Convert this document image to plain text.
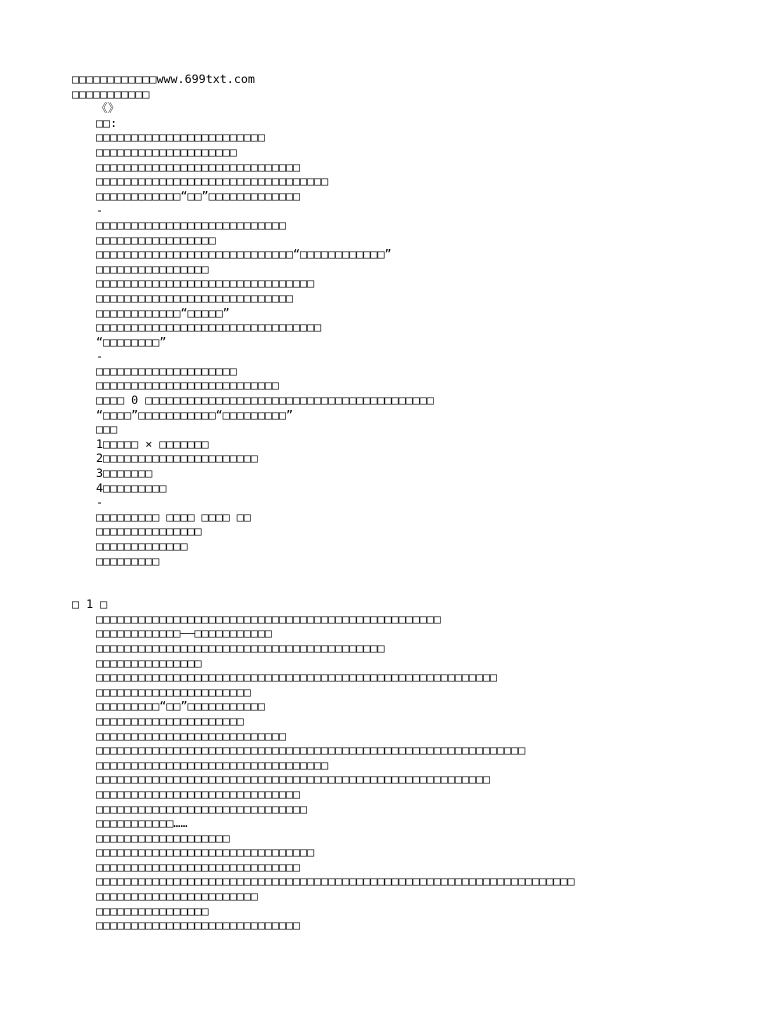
□□□□□□□□□□□□www.699txt.com
□□□□□□□□□□□
《》
□□:
□□□□□□□□□□□□□□□□□□□□□□□□
□□□□□□□□□□□□□□□□□□□□
□□□□□□□□□□□□□□□□□□□□□□□□□□□□□
□□□□□□□□□□□□□□□□□□□□□□□□□□□□□□□□□
□□□□□□□□□□□□“□□”□□□□□□□□□□□□□
-
□□□□□□□□□□□□□□□□□□□□□□□□□□□
□□□□□□□□□□□□□□□□□
□□□□□□□□□□□□□□□□□□□□□□□□□□□□“□□□□□□□□□□□□”
□□□□□□□□□□□□□□□□
□□□□□□□□□□□□□□□□□□□□□□□□□□□□□□□
□□□□□□□□□□□□□□□□□□□□□□□□□□□□
□□□□□□□□□□□□“□□□□□”
□□□□□□□□□□□□□□□□□□□□□□□□□□□□□□□□
“□□□□□□□□”
-
□□□□□□□□□□□□□□□□□□□□
□□□□□□□□□□□□□□□□□□□□□□□□□□
□□□□ 0 □□□□□□□□□□□□□□□□□□□□□□□□□□□□□□□□□□□□□□□□□
“□□□□”□□□□□□□□□□□“□□□□□□□□□”
□□□
1□□□□□ × □□□□□□□
2□□□□□□□□□□□□□□□□□□□□□□
3□□□□□□□
4□□□□□□□□□
-
□□□□□□□□□ □□□□ □□□□ □□
□□□□□□□□□□□□□□□
□□□□□□□□□□□□□
□□□□□□□□□
□ 1 □
□□□□□□□□□□□□□□□□□□□□□□□□□□□□□□□□□□□□□□□□□□□□□□□□□
□□□□□□□□□□□□——□□□□□□□□□□□
□□□□□□□□□□□□□□□□□□□□□□□□□□□□□□□□□□□□□□□□□
□□□□□□□□□□□□□□□
□□□□□□□□□□□□□□□□□□□□□□□□□□□□□□□□□□□□□□□□□□□□□□□□□□□□□□□□□
□□□□□□□□□□□□□□□□□□□□□□
□□□□□□□□□“□□”□□□□□□□□□□□
□□□□□□□□□□□□□□□□□□□□□
□□□□□□□□□□□□□□□□□□□□□□□□□□□
□□□□□□□□□□□□□□□□□□□□□□□□□□□□□□□□□□□□□□□□□□□□□□□□□□□□□□□□□□□□□
□□□□□□□□□□□□□□□□□□□□□□□□□□□□□□□□□
□□□□□□□□□□□□□□□□□□□□□□□□□□□□□□□□□□□□□□□□□□□□□□□□□□□□□□□□
□□□□□□□□□□□□□□□□□□□□□□□□□□□□□
□□□□□□□□□□□□□□□□□□□□□□□□□□□□□□
□□□□□□□□□□□……
□□□□□□□□□□□□□□□□□□□
□□□□□□□□□□□□□□□□□□□□□□□□□□□□□□□
□□□□□□□□□□□□□□□□□□□□□□□□□□□□□
□□□□□□□□□□□□□□□□□□□□□□□□□□□□□□□□□□□□□□□□□□□□□□□□□□□□□□□□□□□□□□□□□□□□
□□□□□□□□□□□□□□□□□□□□□□□
□□□□□□□□□□□□□□□□
□□□□□□□□□□□□□□□□□□□□□□□□□□□□□
